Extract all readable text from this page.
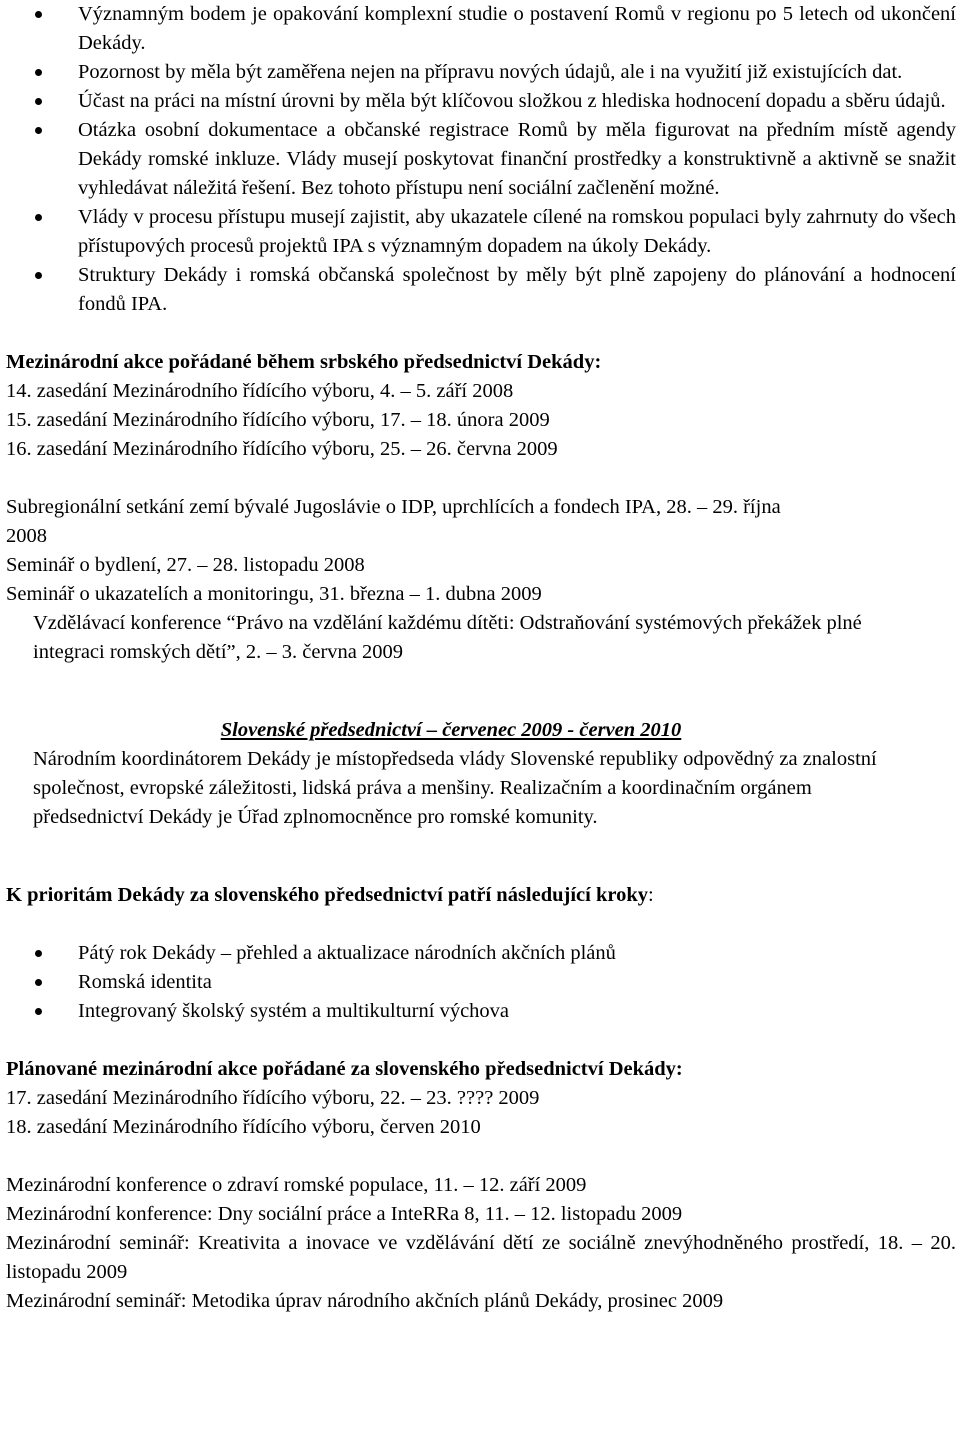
Významným bodem je opakování komplexní studie o postavení Romů v regionu po 5 letech od ukončení Dekády.
Pozornost by měla být zaměřena nejen na přípravu nových údajů, ale i na využití již existujících dat.
Účast na práci na místní úrovni by měla být klíčovou složkou z hlediska hodnocení dopadu a sběru údajů.
Otázka osobní dokumentace a občanské registrace Romů by měla figurovat na předním místě agendy Dekády romské inkluze. Vlády musejí poskytovat finanční prostředky a konstruktivně a aktivně se snažit vyhledávat náležitá řešení. Bez tohoto přístupu není sociální začlenění možné.
Vlády v procesu přístupu musejí zajistit, aby ukazatele cílené na romskou populaci byly zahrnuty do všech přístupových procesů projektů IPA s významným dopadem na úkoly Dekády.
Struktury Dekády i romská občanská společnost by měly být plně zapojeny do plánování a hodnocení fondů IPA.

Mezinárodní akce pořádané během srbského předsednictví Dekády:

14. zasedání Mezinárodního řídícího výboru, 4. – 5. září 2008

15. zasedání Mezinárodního řídícího výboru, 17. – 18. února 2009

16. zasedání Mezinárodního řídícího výboru, 25. – 26. června 2009

Subregionální setkání zemí bývalé Jugoslávie o IDP, uprchlících a fondech IPA, 28. – 29. října 2008

Seminář o bydlení, 27. – 28. listopadu 2008

Seminář o ukazatelích a monitoringu, 31. března – 1. dubna 2009

Vzdělávací konference “Právo na vzdělání každému dítěti: Odstraňování systémových překážek plné integraci romských dětí”, 2. – 3. června 2009

Slovenské předsednictví – červenec 2009 - červen 2010

Národním koordinátorem Dekády je místopředseda vlády Slovenské republiky odpovědný za znalostní společnost, evropské záležitosti, lidská práva a menšiny. Realizačním a koordinačním orgánem předsednictví Dekády je Úřad zplnomocněnce pro romské komunity.

K prioritám Dekády za slovenského předsednictví patří následující kroky:

Pátý rok Dekády – přehled a aktualizace národních akčních plánů
Romská identita
Integrovaný školský systém a multikulturní výchova

Plánované mezinárodní akce pořádané za slovenského předsednictví Dekády:

17. zasedání Mezinárodního řídícího výboru, 22. – 23. ???? 2009

18. zasedání Mezinárodního řídícího výboru, červen 2010

Mezinárodní konference o zdraví romské populace, 11. – 12. září 2009

Mezinárodní konference: Dny sociální práce a InteRRa 8, 11. – 12. listopadu 2009

Mezinárodní seminář: Kreativita a inovace ve vzdělávání dětí ze sociálně znevýhodněného prostředí, 18. – 20. listopadu 2009

Mezinárodní seminář: Metodika úprav národního akčních plánů Dekády, prosinec 2009
